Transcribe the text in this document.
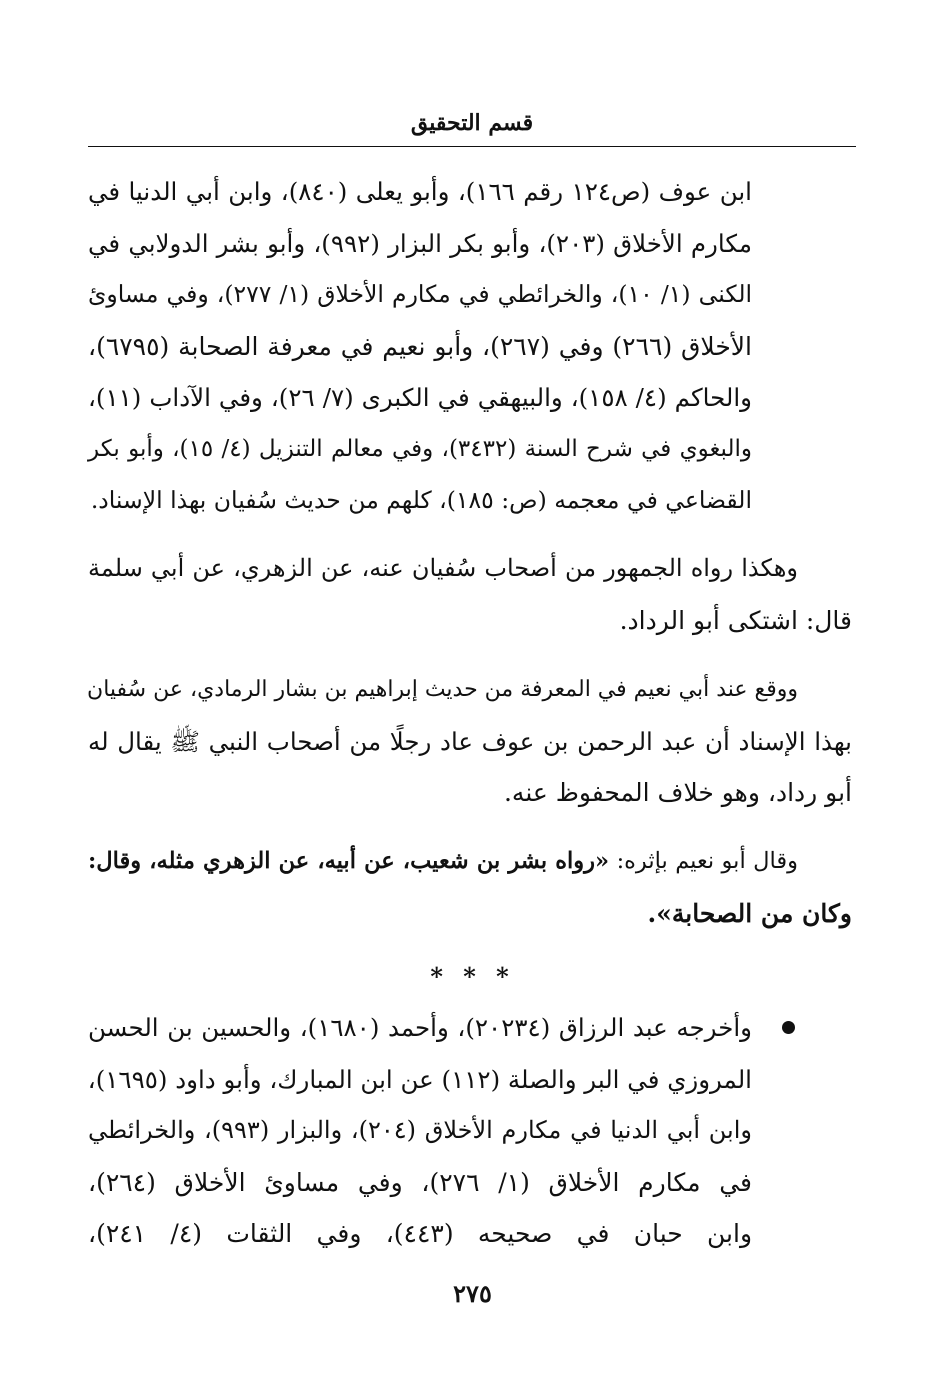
قسم التحقيق
ابن عوف (ص١٢٤ رقم ١٦٦)، وأبو يعلى (٨٤٠)، وابن أبي الدنيا في
مكارم الأخلاق (٢٠٣)، وأبو بكر البزار (٩٩٢)، وأبو بشر الدولابي في
الكنى (١/ ١٠)، والخرائطي في مكارم الأخلاق (١/ ٢٧٧)، وفي مساوئ
الأخلاق (٢٦٦) وفي (٢٦٧)، وأبو نعيم في معرفة الصحابة (٦٧٩٥)،
والحاكم (٤/ ١٥٨)، والبيهقي في الكبرى (٧/ ٢٦)، وفي الآداب (١١)،
والبغوي في شرح السنة (٣٤٣٢)، وفي معالم التنزيل (٤/ ١٥)، وأبو بكر
القضاعي في معجمه (ص: ١٨٥)، كلهم من حديث سُفيان بهذا الإسناد.
وهكذا رواه الجمهور من أصحاب سُفيان عنه، عن الزهري، عن أبي سلمة
قال: اشتكى أبو الرداد.
ووقع عند أبي نعيم في المعرفة من حديث إبراهيم بن بشار الرمادي، عن سُفيان
بهذا الإسناد أن عبد الرحمن بن عوف عاد رجلًا من أصحاب النبي ﷺ يقال له
أبو رداد، وهو خلاف المحفوظ عنه.
وقال أبو نعيم بإثره: «رواه بشر بن شعيب، عن أبيه، عن الزهري مثله، وقال:
وكان من الصحابة».
* * *
وأخرجه عبد الرزاق (٢٠٢٣٤)، وأحمد (١٦٨٠)، والحسين بن الحسن
المروزي في البر والصلة (١١٢) عن ابن المبارك، وأبو داود (١٦٩٥)،
وابن أبي الدنيا في مكارم الأخلاق (٢٠٤)، والبزار (٩٩٣)، والخرائطي
في مكارم الأخلاق (١/ ٢٧٦)، وفي مساوئ الأخلاق (٢٦٤)،
وابن حبان في صحيحه (٤٤٣)، وفي الثقات (٤/ ٢٤١)،
٢٧٥
